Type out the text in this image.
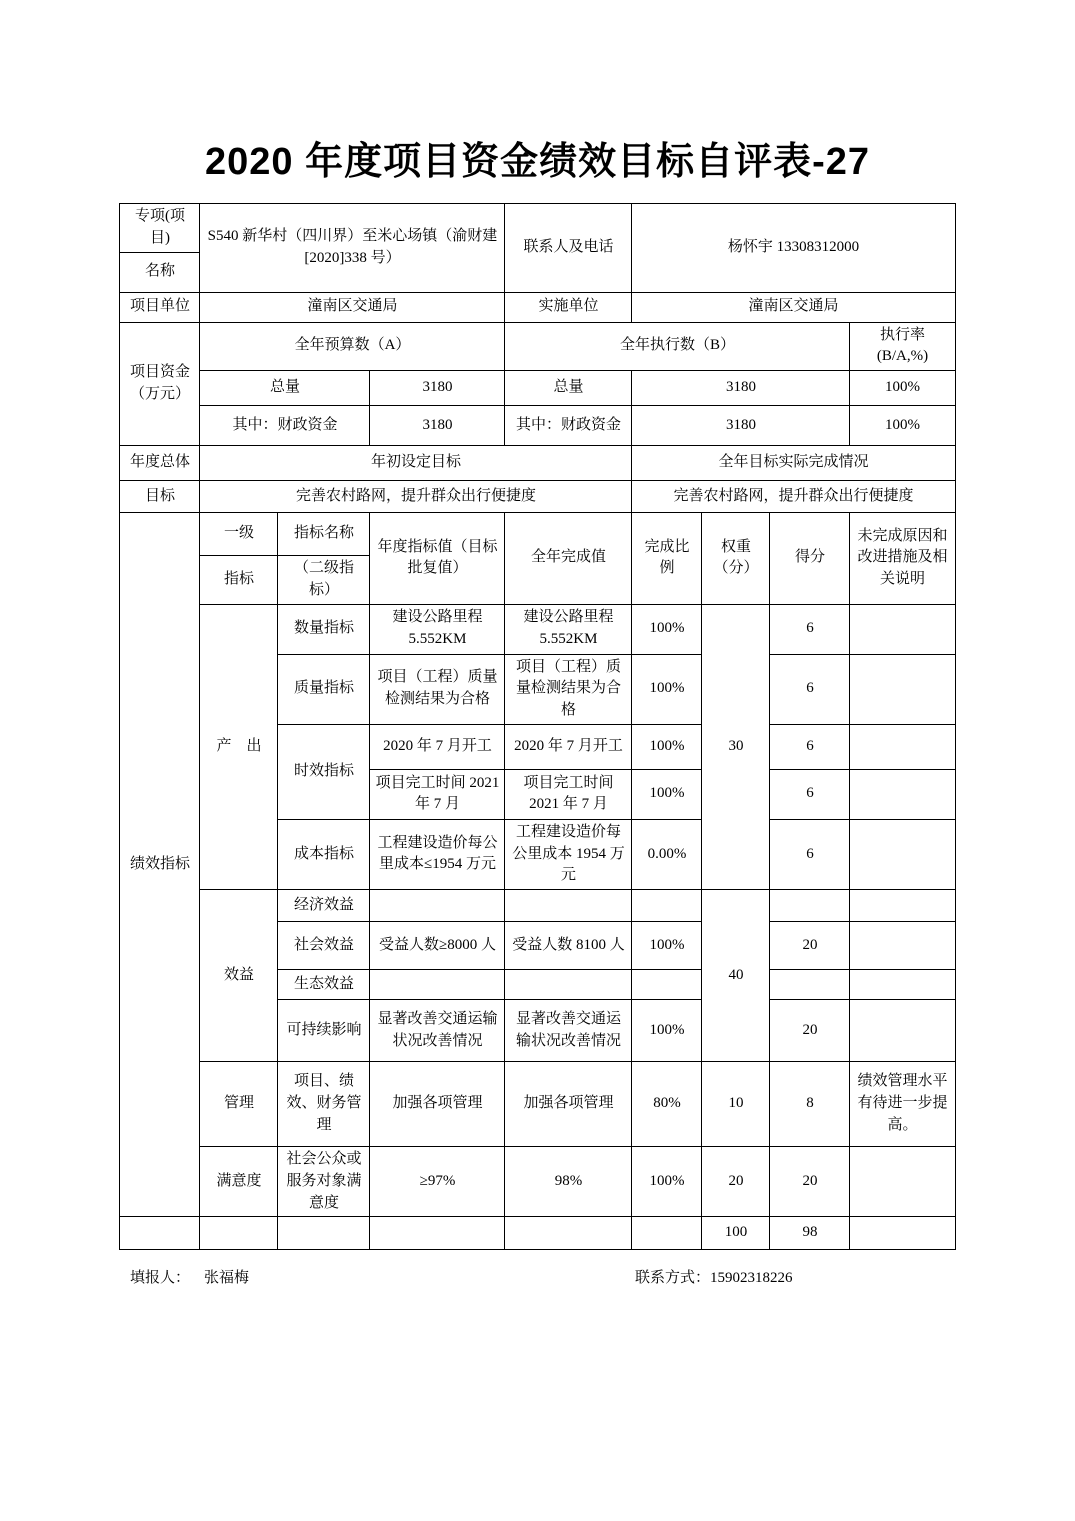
2020 年度项目资金绩效目标自评表-27
专项(项目)	S540 新华村（四川界）至米心场镇（渝财建[2020]338 号）			联系人及电话	杨怀宇 13308312000			
名称								
项目单位	潼南区交通局			实施单位	潼南区交通局			
项目资金（万元）	全年预算数（A）			全年执行数（B）				执行率(B/A,%)
	总量		3180	总量	3180			100%
	其中：财政资金		3180	其中：财政资金	3180			100%
年度总体	年初设定目标				全年目标实际完成情况			
目标	完善农村路网，提升群众出行便捷度				完善农村路网，提升群众出行便捷度			
绩效指标	一级	指标名称	年度指标值（目标批复值）	全年完成值	完成比例	权重（分）	得分	未完成原因和改进措施及相关说明
	指标	（二级指标）						
	产　出	数量指标	建设公路里程 5.552KM	建设公路里程 5.552KM	100%	30	6	
		质量指标	项目（工程）质量检测结果为合格	项目（工程）质量检测结果为合格	100%		6	
		时效指标	2020 年 7 月开工	2020 年 7 月开工	100%		6	
			项目完工时间 2021 年 7 月	项目完工时间 2021 年 7 月	100%		6	
		成本指标	工程建设造价每公里成本≤1954 万元	工程建设造价每公里成本 1954 万元	0.00%		6	
	效益	经济效益				40		
		社会效益	受益人数≥8000 人	受益人数 8100 人	100%		20	
		生态效益						
		可持续影响	显著改善交通运输状况改善情况	显著改善交通运输状况改善情况	100%		20	
	管理	项目、绩效、财务管理	加强各项管理	加强各项管理	80%	10	8	绩效管理水平有待进一步提高。
	满意度	社会公众或服务对象满意度	≥97%	98%	100%	20	20	
						100	98	
填报人： 张福梅	联系方式：15902318226
